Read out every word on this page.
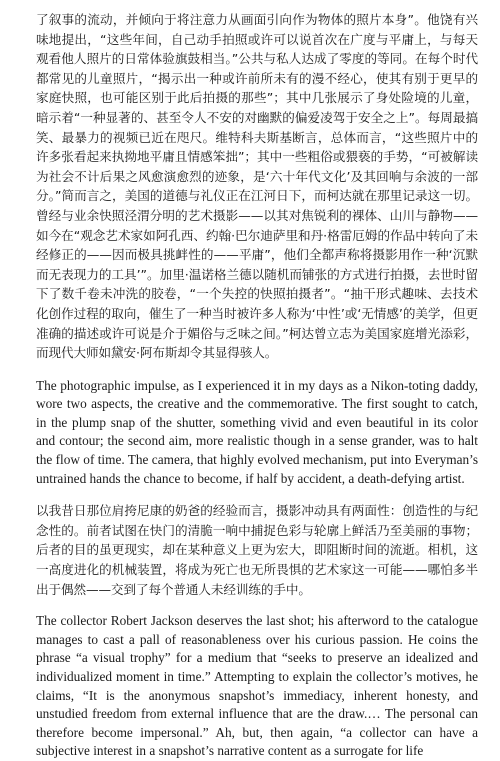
了叙事的流动，并倾向于将注意力从画面引向作为物体的照片本身”。他饶有兴味地提出，“这些年间，自己动手拍照或许可以说首次在广度与平庸上，与每天观看他人照片的日常体验旗鼓相当。”公共与私人达成了零度的等同。在每个时代都常见的儿童照片，“揭示出一种或许前所未有的漫不经心，使其有别于更早的家庭快照，也可能区别于此后拍摄的那些”；其中几张展示了身处险境的儿童，暗示着“一种显著的、甚至令人不安的对幽默的偏爱凌驾于安全之上”。每周最搞笑、最暴力的视频已近在咫尺。维特科夫斯基断言，总体而言，“这些照片中的许多张看起来执拗地平庸且情感笨拙”；其中一些粗俗或猥亵的手势，“可被解读为社会不计后果之风愈演愈烈的迹象，是‘六十年代文化’及其回响与余波的一部分。”简而言之，美国的道德与礼仪正在江河日下，而柯达就在那里记录这一切。曾经与业余快照泾渭分明的艺术摄影——以其对焦锐利的裸体、山川与静物——如今在“观念艺术家如阿孔西、约翰·巴尔迪萨里和丹·格雷厄姆的作品中转向了未经修正的——因而极具挑衅性的——平庸”，他们全都声称将摄影用作一种‘沉默而无表现力的工具’”。加里·温诺格兰德以随机而铺张的方式进行拍摄，去世时留下了数千卷未冲洗的胶卷，“一个失控的快照拍摄者”。“抽干形式趣味、去技术化创作过程的取向，催生了一种当时被许多人称为‘中性’或‘无情感’的美学，但更准确的描述或许可说是介于媚俗与乏味之间。”柯达曾立志为美国家庭增光添彩，而现代大师如黛安·阿布斯却令其显得骇人。

The photographic impulse, as I experienced it in my days as a Nikon-toting daddy, wore two aspects, the creative and the commemorative. The first sought to catch, in the plump snap of the shutter, something vivid and even beautiful in its color and contour; the second aim, more realistic though in a sense grander, was to halt the flow of time. The camera, that highly evolved mechanism, put into Everyman’s untrained hands the chance to become, if half by accident, a death-defying artist.

以我昔日那位肩挎尼康的奶爸的经验而言，摄影冲动具有两面性：创造性的与纪念性的。前者试图在快门的清脆一响中捕捉色彩与轮廓上鲜活乃至美丽的事物；后者的目的虽更现实，却在某种意义上更为宏大，即阻断时间的流逝。相机，这一高度进化的机械装置，将成为死亡也无所畏惧的艺术家这一可能——哪怕多半出于偶然——交到了每个普通人未经训练的手中。

The collector Robert Jackson deserves the last shot; his afterword to the catalogue manages to cast a pall of reasonableness over his curious passion. He coins the phrase “a visual trophy” for a medium that “seeks to preserve an idealized and individualized moment in time.” Attempting to explain the collector’s motives, he claims, “It is the anonymous snapshot’s immediacy, inherent honesty, and unstudied freedom from external influence that are the draw.… The personal can therefore become impersonal.” Ah, but, then again, “a collector can have a subjective interest in a snapshot’s narrative content as a surrogate for life
